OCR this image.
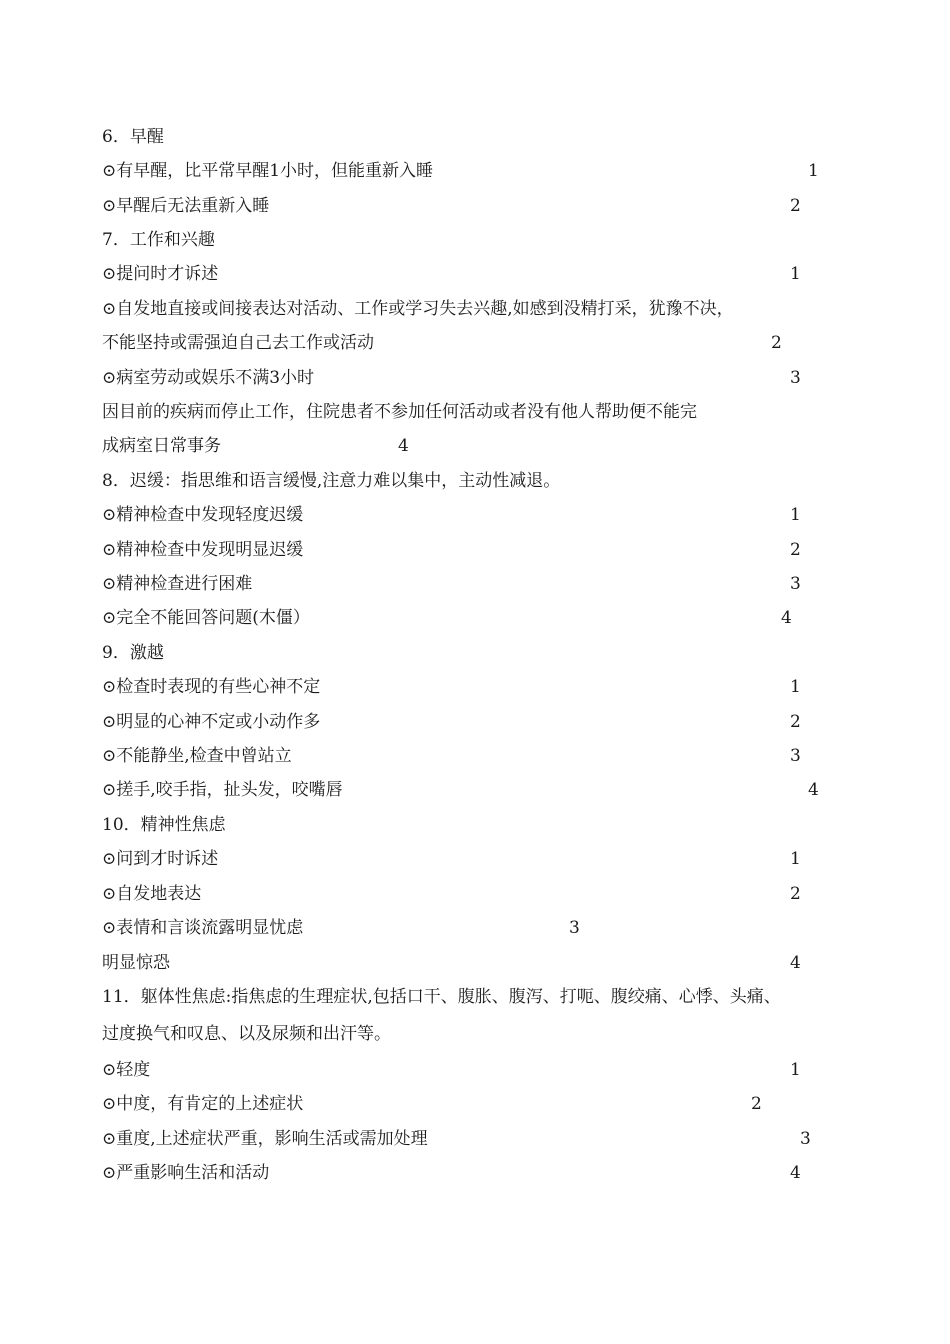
6．早醒
⊙有早醒，比平常早醒1小时，但能重新入睡	1
⊙早醒后无法重新入睡	2
7．工作和兴趣
⊙提问时才诉述	1
⊙自发地直接或间接表达对活动、工作或学习失去兴趣,如感到没精打采，犹豫不决，
不能坚持或需强迫自己去工作或活动	2
⊙病室劳动或娱乐不满3小时	3
因目前的疾病而停止工作，住院患者不参加任何活动或者没有他人帮助便不能完
成病室日常事务	4
8．迟缓：指思维和语言缓慢,注意力难以集中，主动性减退。
⊙精神检查中发现轻度迟缓	1
⊙精神检查中发现明显迟缓	2
⊙精神检查进行困难	3
⊙完全不能回答问题(木僵）	4
9．激越
⊙检查时表现的有些心神不定	1
⊙明显的心神不定或小动作多	2
⊙不能静坐,检查中曾站立	3
⊙搓手,咬手指，扯头发，咬嘴唇	4
10．精神性焦虑
⊙问到才时诉述	1
⊙自发地表达	2
⊙表情和言谈流露明显忧虑	3
明显惊恐	4
11．躯体性焦虑:指焦虑的生理症状,包括口干、腹胀、腹泻、打呃、腹绞痛、心悸、头痛、
过度换气和叹息、以及尿频和出汗等。
⊙轻度	1
⊙中度，有肯定的上述症状	2
⊙重度,上述症状严重，影响生活或需加处理	3
⊙严重影响生活和活动	4
